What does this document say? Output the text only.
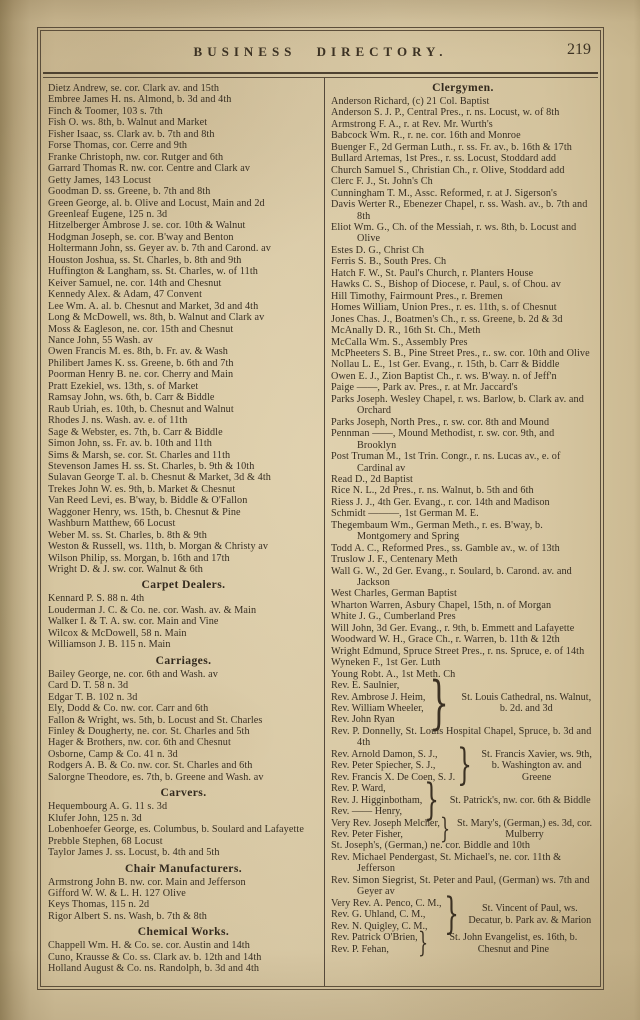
BUSINESS DIRECTORY.	219
Dietz Andrew, se. cor. Clark av. and 15th
Embree James H. ns. Almond, b. 3d and 4th
Finch & Toomer, 103 s. 7th
Fish O. ws. 8th, b. Walnut and Market
Fisher Isaac, ss. Clark av. b. 7th and 8th
Forse Thomas, cor. Cerre and 9th
Franke Christoph, nw. cor. Rutger and 6th
Garrard Thomas R. nw. cor. Centre and Clark av
Getty James, 143 Locust
Goodman D. ss. Greene, b. 7th and 8th
Green George, al. b. Olive and Locust, Main and 2d
Greenleaf Eugene, 125 n. 3d
Hitzelberger Ambrose J. se. cor. 10th & Walnut
Hodgman Joseph, se. cor. B'way and Benton
Holtermann John, ss. Geyer av. b. 7th and Carond. av
Houston Joshua, ss. St. Charles, b. 8th and 9th
Huffington & Langham, ss. St. Charles, w. of 11th
Keiver Samuel, ne. cor. 14th and Chesnut
Kennedy Alex. & Adam, 47 Convent
Lee Wm. A. al. b. Chesnut and Market, 3d and 4th
Long & McDowell, ws. 8th, b. Walnut and Clark av
Moss & Eagleson, ne. cor. 15th and Chesnut
Nance John, 55 Wash. av
Owen Francis M. es. 8th, b. Fr. av. & Wash
Philibert James K. ss. Greene, b. 6th and 7th
Poorman Henry B. ne. cor. Cherry and Main
Pratt Ezekiel, ws. 13th, s. of Market
Ramsay John, ws. 6th, b. Carr & Biddle
Raub Uriah, es. 10th, b. Chesnut and Walnut
Rhodes J. ns. Wash. av. e. of 11th
Sage & Webster, es. 7th, b. Carr & Biddle
Simon John, ss. Fr. av. b. 10th and 11th
Sims & Marsh, se. cor. St. Charles and 11th
Stevenson James H. ss. St. Charles, b. 9th & 10th
Sulavan George T. al. b. Chesnut & Market, 3d & 4th
Trekes John W. es. 9th, b. Market & Chesnut
Van Reed Levi, es. B'way, b. Biddle & O'Fallon
Waggoner Henry, ws. 15th, b. Chesnut & Pine
Washburn Matthew, 66 Locust
Weber M. ss. St. Charles, b. 8th & 9th
Weston & Russell, ws. 11th, b. Morgan & Christy av
Wilson Philip, ss. Morgan, b. 16th and 17th
Wright D. & J. sw. cor. Walnut & 6th
Carpet Dealers.
Kennard P. S. 88 n. 4th
Louderman J. C. & Co. ne. cor. Wash. av. & Main
Walker I. & T. A. sw. cor. Main and Vine
Wilcox & McDowell, 58 n. Main
Williamson J. B. 115 n. Main
Carriages.
Bailey George, ne. cor. 6th and Wash. av
Card D. T. 58 n. 3d
Edgar T. B. 102 n. 3d
Ely, Dodd & Co. nw. cor. Carr and 6th
Fallon & Wright, ws. 5th, b. Locust and St. Charles
Finley & Dougherty, ne. cor. St. Charles and 5th
Hager & Brothers, nw. cor. 6th and Chesnut
Osborne, Camp & Co. 41 n. 3d
Rodgers A. B. & Co. nw. cor. St. Charles and 6th
Salorgne Theodore, es. 7th, b. Greene and Wash. av
Carvers.
Hequembourg A. G. 11 s. 3d
Klufer John, 125 n. 3d
Lobenhoefer George, es. Columbus, b. Soulard and Lafayette
Prebble Stephen, 68 Locust
Taylor James J. ss. Locust, b. 4th and 5th
Chair Manufacturers.
Armstrong John B. nw. cor. Main and Jefferson
Gifford W. W. & L. H. 127 Olive
Keys Thomas, 115 n. 2d
Rigor Albert S. ns. Wash, b. 7th & 8th
Chemical Works.
Chappell Wm. H. & Co. se. cor. Austin and 14th
Cuno, Krausse & Co. ss. Clark av. b. 12th and 14th
Holland August & Co. ns. Randolph, b. 3d and 4th
Clergymen.
Anderson Richard, (c) 21 Col. Baptist
Anderson S. J. P., Central Pres., r. ns. Locust, w. of 8th
Armstrong F. A., r. at Rev. Mr. Wurth's
Babcock Wm. R., r. ne. cor. 16th and Monroe
Buenger F., 2d German Luth., r. ss. Fr. av., b. 16th & 17th
Bullard Artemas, 1st Pres., r. ss. Locust, Stoddard add
Church Samuel S., Christian Ch., r. Olive, Stoddard add
Clerc F. J., St. John's Ch
Cunningham T. M., Assc. Reformed, r. at J. Sigerson's
Davis Werter R., Ebenezer Chapel, r. ss. Wash. av., b. 7th and 8th
Eliot Wm. G., Ch. of the Messiah, r. ws. 8th, b. Locust and Olive
Estes D. G., Christ Ch
Ferris S. B., South Pres. Ch
Hatch F. W., St. Paul's Church, r. Planters House
Hawks C. S., Bishop of Diocese, r. Paul, s. of Chou. av
Hill Timothy, Fairmount Pres., r. Bremen
Homes William, Union Pres., r. es. 11th, s. of Chesnut
Jones Chas. J., Boatmen's Ch., r. ss. Greene, b. 2d & 3d
McAnally D. R., 16th St. Ch., Meth
McCalla Wm. S., Assembly Pres
McPheeters S. B., Pine Street Pres., r.. sw. cor. 10th and Olive
Nollau L. E., 1st Ger. Evang., r. 15th, b. Carr & Biddle
Owen E. J., Zion Baptist Ch., r. ws. B'way. n. of Jeff'n
Paige ——, Park av. Pres., r. at Mr. Jaccard's
Parks Joseph. Wesley Chapel, r. ws. Barlow, b. Clark av. and Orchard
Parks Joseph, North Pres., r. sw. cor. 8th and Mound
Pennman ——, Mound Methodist, r. sw. cor. 9th, and Brooklyn
Post Truman M., 1st Trin. Congr., r. ns. Lucas av., e. of Cardinal av
Read D., 2d Baptist
Rice N. L., 2d Pres., r. ns. Walnut, b. 5th and 6th
Riess J. J., 4th Ger. Evang., r. cor. 14th and Madison
Schmidt ———, 1st German M. E.
Thegembaum Wm., German Meth., r. es. B'way, b. Montgomery and Spring
Todd A. C., Reformed Pres., ss. Gamble av., w. of 13th
Truslow J. F., Centenary Meth
Wall G. W., 2d Ger. Evang., r. Soulard, b. Carond. av. and Jackson
West Charles, German Baptist
Wharton Warren, Asbury Chapel, 15th, n. of Morgan
White J. G., Cumberland Pres
Will John, 3d Ger. Evang., r. 9th, b. Emmett and Lafayette
Woodward W. H., Grace Ch., r. Warren, b. 11th & 12th
Wright Edmund, Spruce Street Pres., r. ns. Spruce, e. of 14th
Wyneken F., 1st Ger. Luth
Young Robt. A., 1st Meth. Ch
Rev. E. Saulnier,
Rev. Ambrose J. Heim,
Rev. William Wheeler,
Rev. John Ryan }	St. Louis Cathedral, ns. Walnut, b. 2d. and 3d
Rev. P. Donnelly, St. Louis Hospital Chapel, Spruce, b. 3d and 4th
Rev. Arnold Damon, S. J.,
Rev. Peter Spiecher, S. J.,
Rev. Francis X. De Coen, S. J. } St. Francis Xavier, ws. 9th, b. Washington av. and Greene
Rev. P. Ward,
Rev. J. Higginbotham,
Rev. —— Henry, }	St. Patrick's, nw. cor. 6th & Biddle
Very Rev. Joseph Melcher,
Rev. Peter Fisher,	} St. Mary's, (German,) es. 3d, cor. Mulberry
St. Joseph's, (German,) ne. cor. Biddle and 10th
Rev. Michael Pendergast, St. Michael's, ne. cor. 11th & Jefferson
Rev. Simon Siegrist, St. Peter and Paul, (German) ws. 7th and Geyer av
Very Rev. A. Penco, C. M.,
Rev. G. Uhland, C. M.,
Rev. N. Quigley, C. M., }	St. Vincent of Paul, ws. Decatur, b. Park av. & Marion
Rev. Patrick O'Brien,
Rev. P. Fehan,	}	St. John Evangelist, es. 16th, b. Chesnut and Pine
